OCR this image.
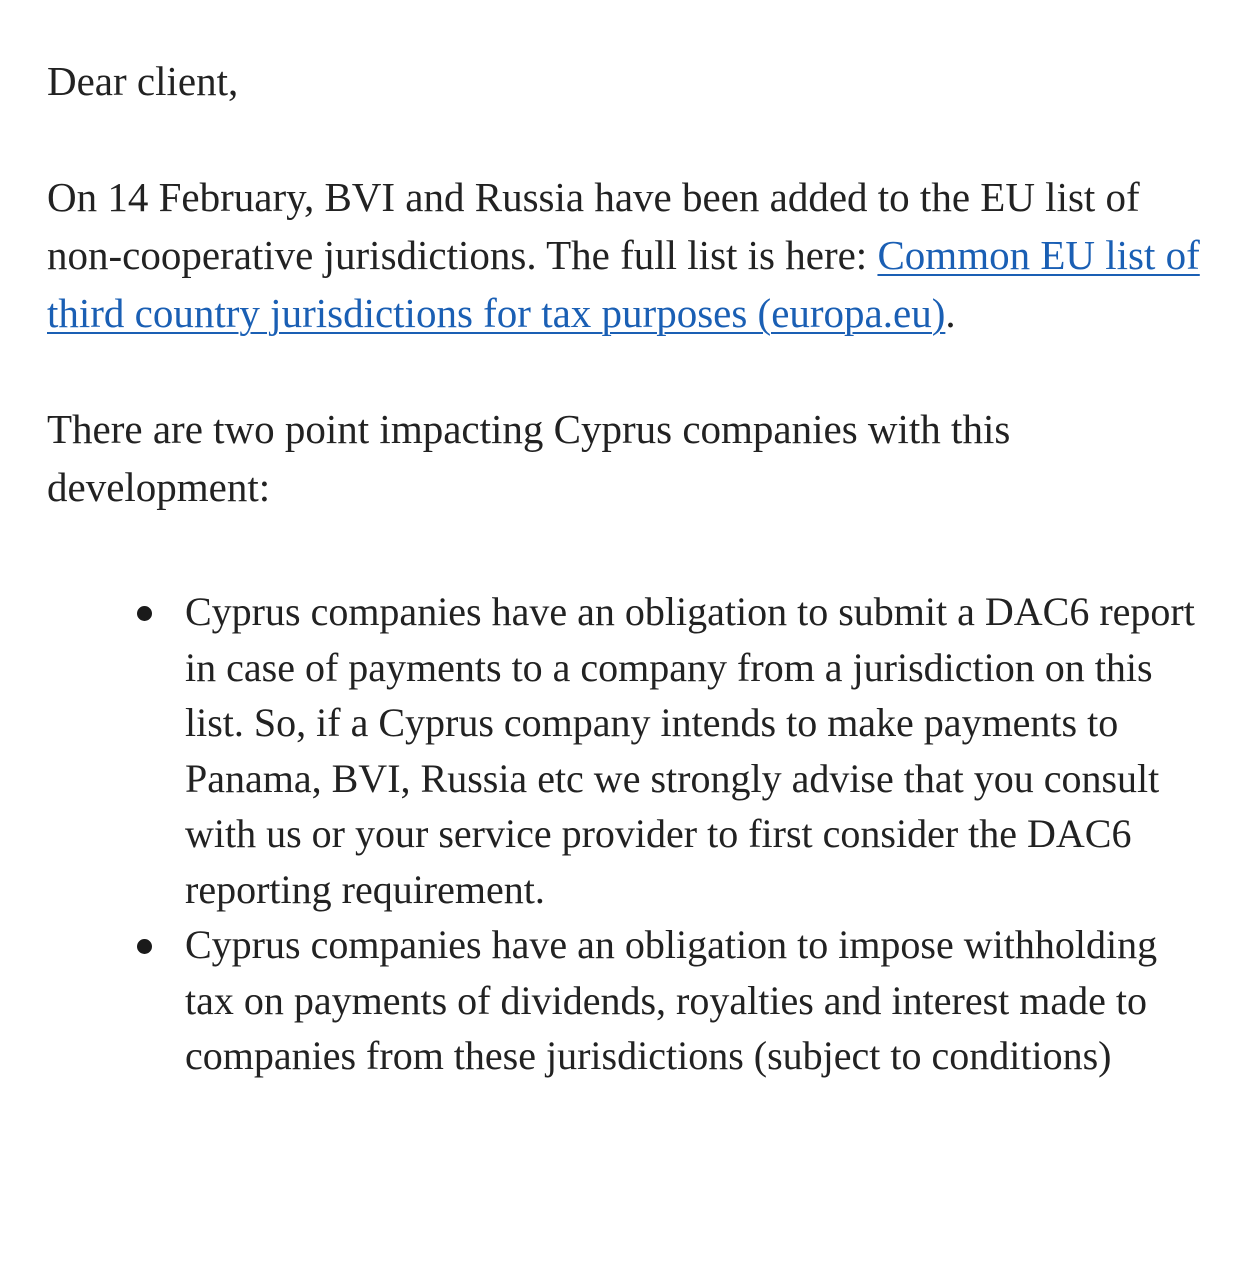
Dear client,

On 14 February, BVI and Russia have been added to the EU list of non-cooperative jurisdictions. The full list is here: Common EU list of third country jurisdictions for tax purposes (europa.eu).

There are two point impacting Cyprus companies with this development:

Cyprus companies have an obligation to submit a DAC6 report in case of payments to a company from a jurisdiction on this list. So, if a Cyprus company intends to make payments to Panama, BVI, Russia etc we strongly advise that you consult with us or your service provider to first consider the DAC6 reporting requirement.
Cyprus companies have an obligation to impose withholding tax on payments of dividends, royalties and interest made to companies from these jurisdictions (subject to conditions)
